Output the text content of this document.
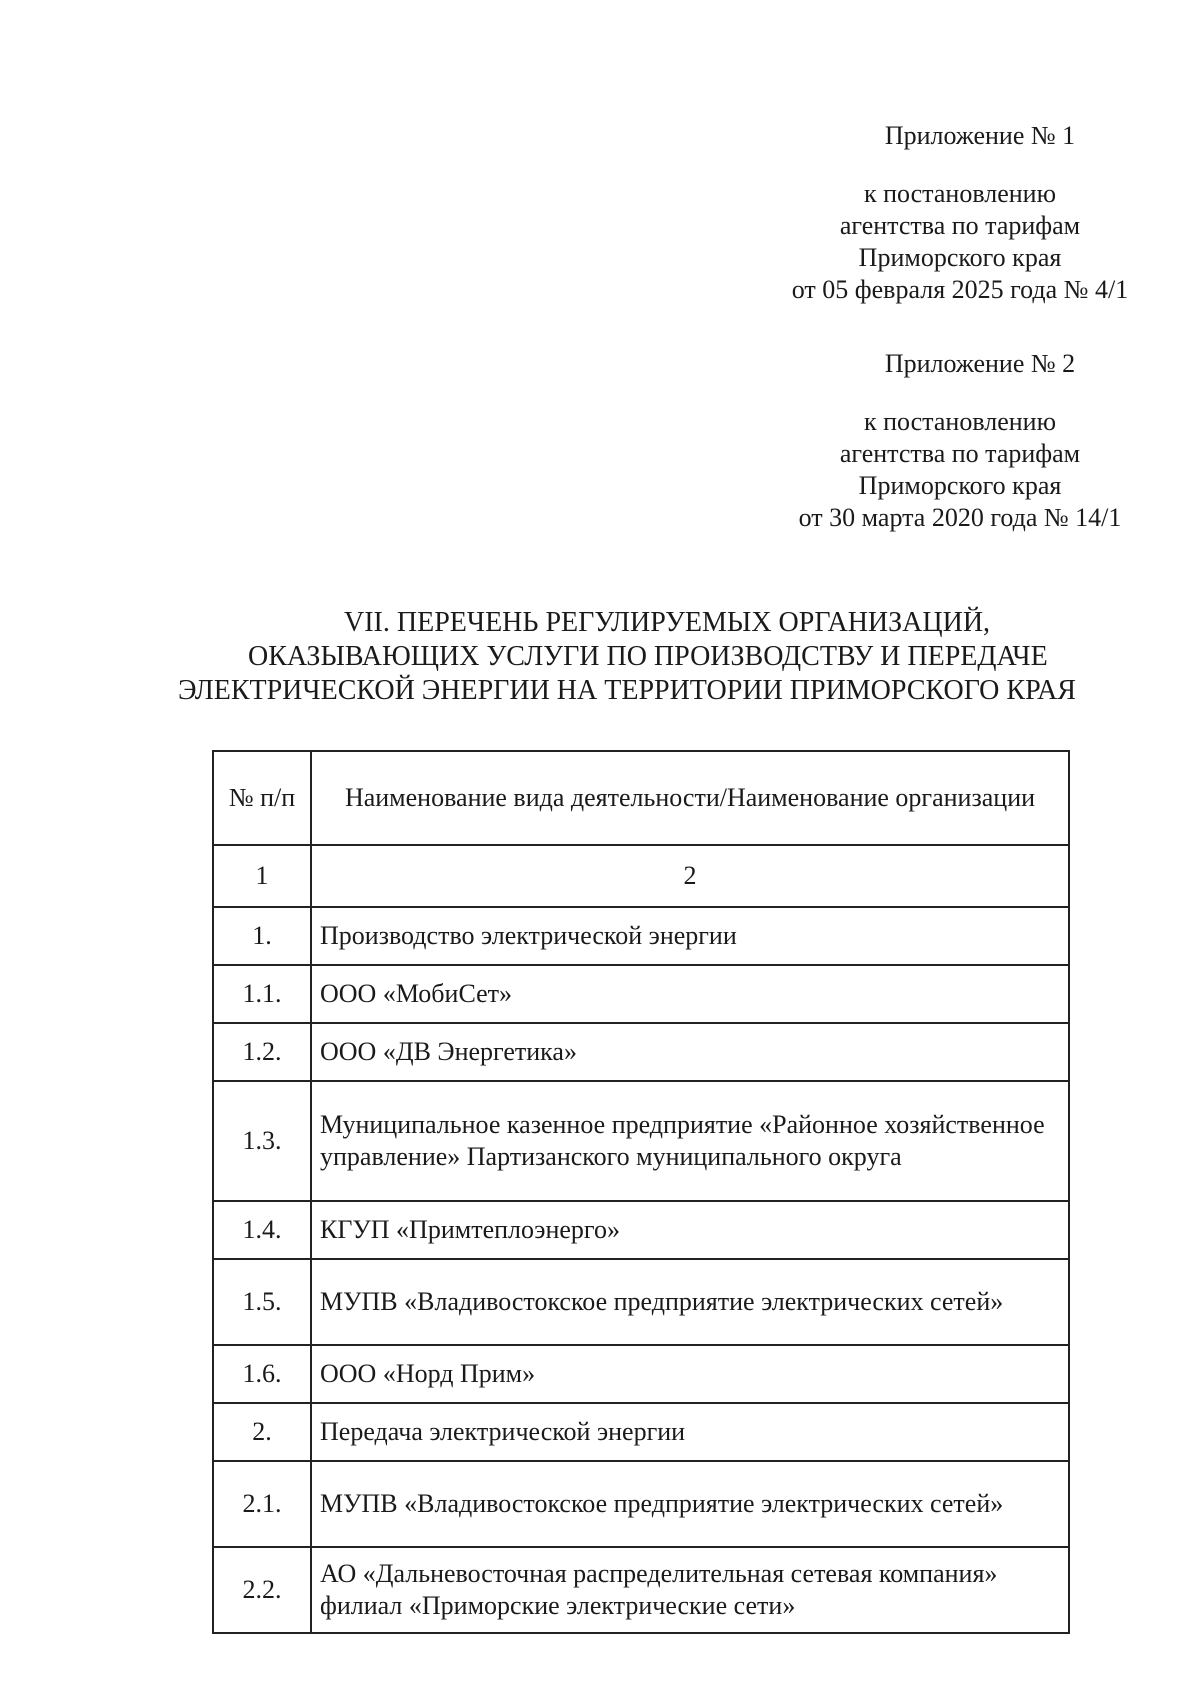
Приложение № 1
к постановлению
агентства по тарифам
Приморского края
от 05 февраля 2025 года № 4/1
Приложение № 2
к постановлению
агентства по тарифам
Приморского края
от 30 марта 2020 года № 14/1
VII. ПЕРЕЧЕНЬ РЕГУЛИРУЕМЫХ ОРГАНИЗАЦИЙ,
ОКАЗЫВАЮЩИХ УСЛУГИ ПО ПРОИЗВОДСТВУ И ПЕРЕДАЧЕ
ЭЛЕКТРИЧЕСКОЙ ЭНЕРГИИ НА ТЕРРИТОРИИ ПРИМОРСКОГО КРАЯ
№ п/п	Наименование вида деятельности/Наименование организации
1	2
1.	Производство электрической энергии
1.1.	ООО «МобиСет»
1.2.	ООО «ДВ Энергетика»
1.3.	Муниципальное казенное предприятие «Районное хозяйственное управление» Партизанского муниципального округа
1.4.	КГУП «Примтеплоэнерго»
1.5.	МУПВ «Владивостокское предприятие электрических сетей»
1.6.	ООО «Норд Прим»
2.	Передача электрической энергии
2.1.	МУПВ «Владивостокское предприятие электрических сетей»
2.2.	АО «Дальневосточная распределительная сетевая компания» филиал «Приморские электрические сети»
